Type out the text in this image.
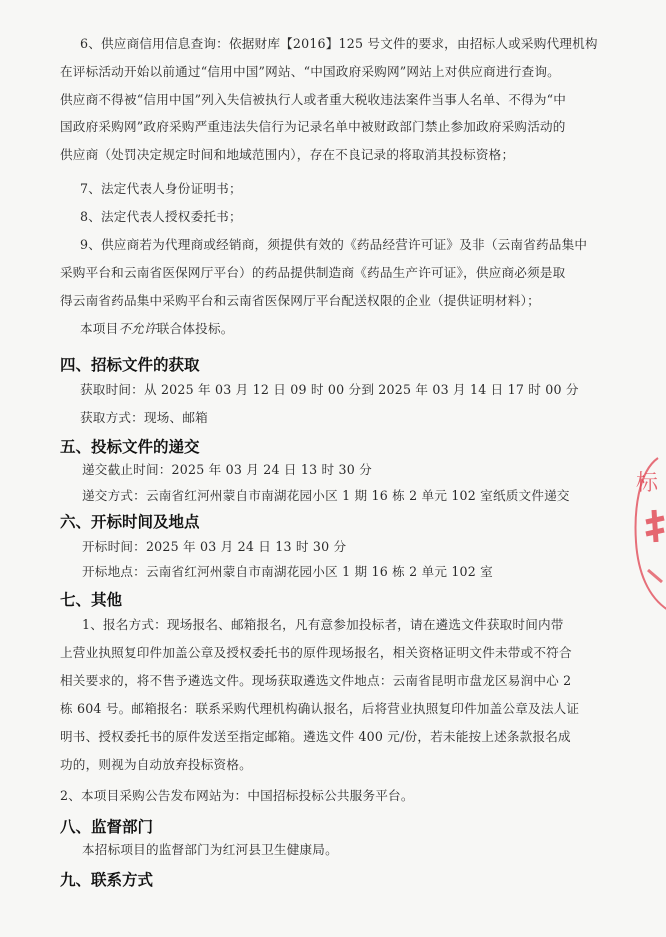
6、供应商信用信息查询：依据财库【2016】125 号文件的要求，由招标人或采购代理机构
在评标活动开始以前通过“信用中国”网站、“中国政府采购网”网站上对供应商进行查询。
供应商不得被“信用中国”列入失信被执行人或者重大税收违法案件当事人名单、不得为“中
国政府采购网”政府采购严重违法失信行为记录名单中被财政部门禁止参加政府采购活动的
供应商（处罚决定规定时间和地域范围内），存在不良记录的将取消其投标资格；
7、法定代表人身份证明书；
8、法定代表人授权委托书；
9、供应商若为代理商或经销商，须提供有效的《药品经营许可证》及非（云南省药品集中
采购平台和云南省医保网厅平台）的药品提供制造商《药品生产许可证》，供应商必须是取
得云南省药品集中采购平台和云南省医保网厅平台配送权限的企业（提供证明材料）；
本项目不允许联合体投标。
四、招标文件的获取
获取时间：从 2025 年 03 月 12 日 09 时 00 分到 2025 年 03 月 14 日 17 时 00 分
获取方式：现场、邮箱
五、投标文件的递交
递交截止时间：2025 年 03 月 24 日 13 时 30 分
递交方式：云南省红河州蒙自市南湖花园小区 1 期 16 栋 2 单元 102 室纸质文件递交
六、开标时间及地点
开标时间：2025 年 03 月 24 日 13 时 30 分
开标地点：云南省红河州蒙自市南湖花园小区 1 期 16 栋 2 单元 102 室
七、其他
1、报名方式：现场报名、邮箱报名，凡有意参加投标者，请在遴选文件获取时间内带
上营业执照复印件加盖公章及授权委托书的原件现场报名，相关资格证明文件未带或不符合
相关要求的，将不售予遴选文件。现场获取遴选文件地点：云南省昆明市盘龙区易润中心 2
栋 604 号。邮箱报名：联系采购代理机构确认报名，后将营业执照复印件加盖公章及法人证
明书、授权委托书的原件发送至指定邮箱。遴选文件 400 元/份，若未能按上述条款报名成
功的，则视为自动放弃投标资格。
2、本项目采购公告发布网站为：中国招标投标公共服务平台。
八、监督部门
本招标项目的监督部门为红河县卫生健康局。
九、联系方式
标
